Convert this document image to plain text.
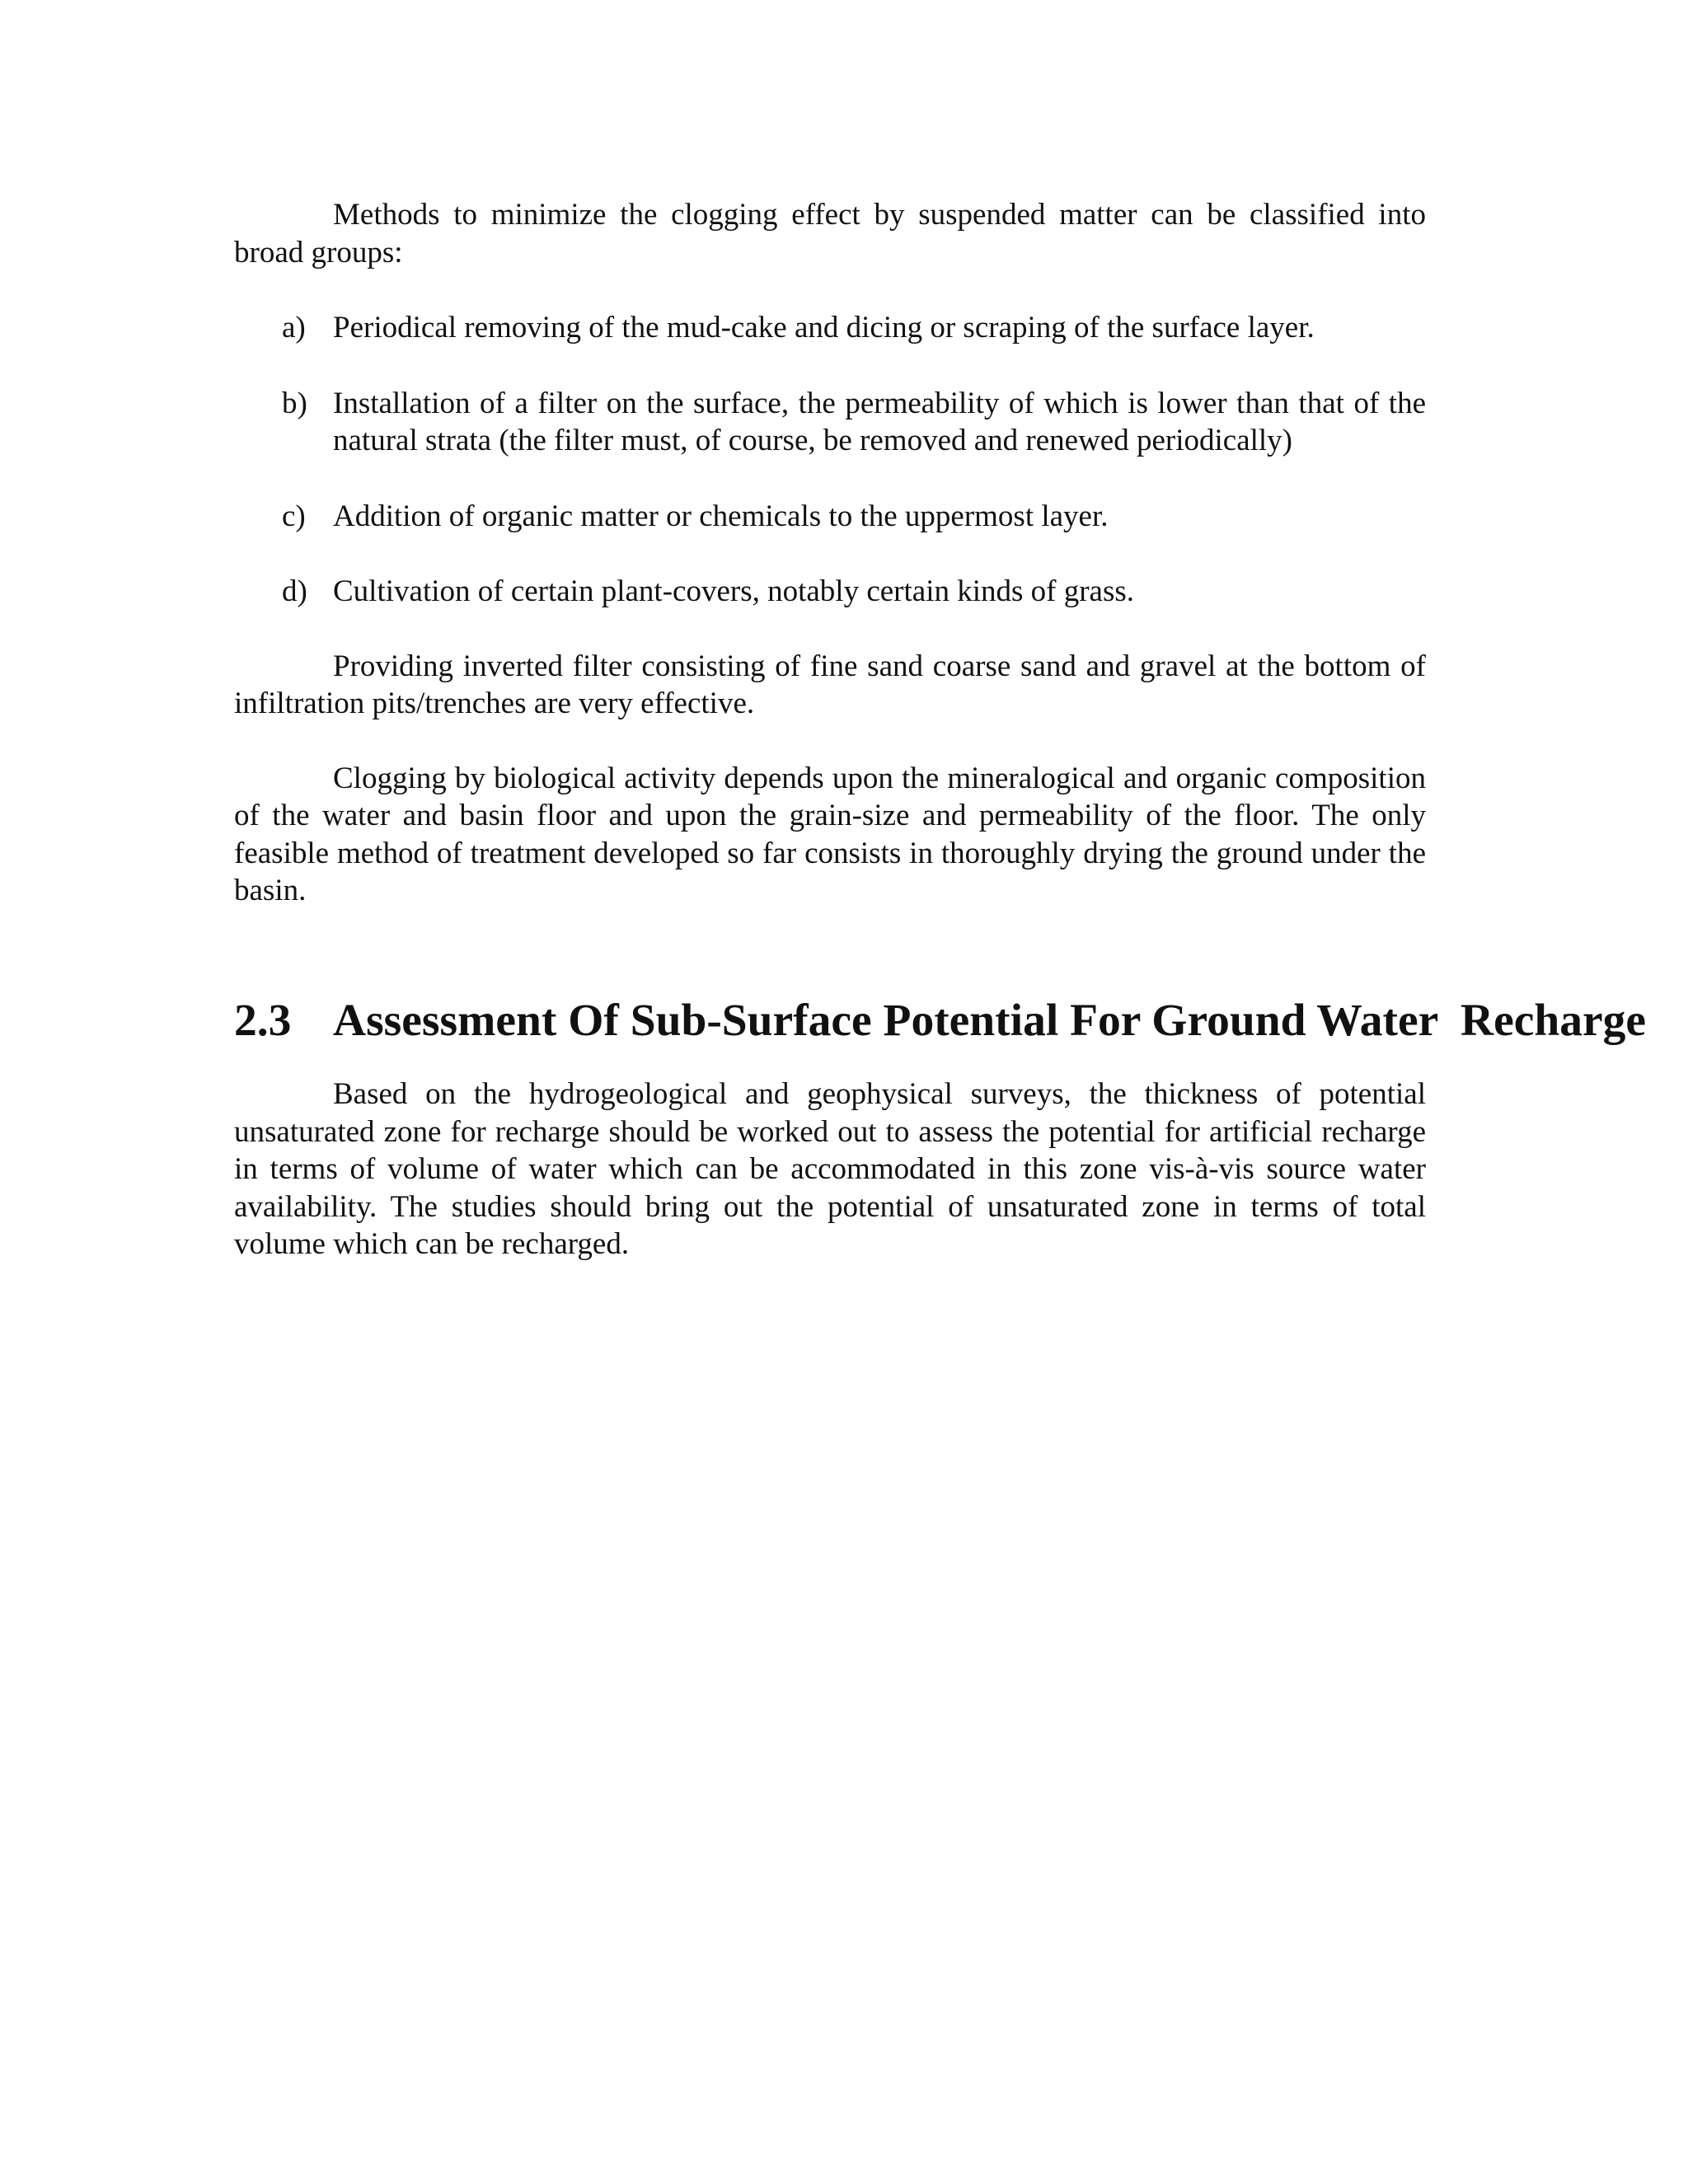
Methods to minimize the clogging effect by suspended matter can be classified into broad groups:

a) Periodical removing of the mud-cake and dicing or scraping of the surface layer.
b) Installation of a filter on the surface, the permeability of which is lower than that of the natural strata (the filter must, of course, be removed and renewed periodically)
c) Addition of organic matter or chemicals to the uppermost layer.
d) Cultivation of certain plant-covers, notably certain kinds of grass.

Providing inverted filter consisting of fine sand coarse sand and gravel at the bottom of infiltration pits/trenches are very effective.

Clogging by biological activity depends upon the mineralogical and organic composition of the water and basin floor and upon the grain-size and permeability of the floor. The only feasible method of treatment developed so far consists in thoroughly drying the ground under the basin.

2.3 Assessment Of Sub-Surface Potential For Ground Water  Recharge

Based on the hydrogeological and geophysical surveys, the thickness of potential unsaturated zone for recharge should be worked out to assess the potential for artificial recharge in terms of volume of water which can be accommodated in this zone vis-à-vis source water availability. The studies should bring out the potential of unsaturated zone in terms of total volume which can be recharged.
